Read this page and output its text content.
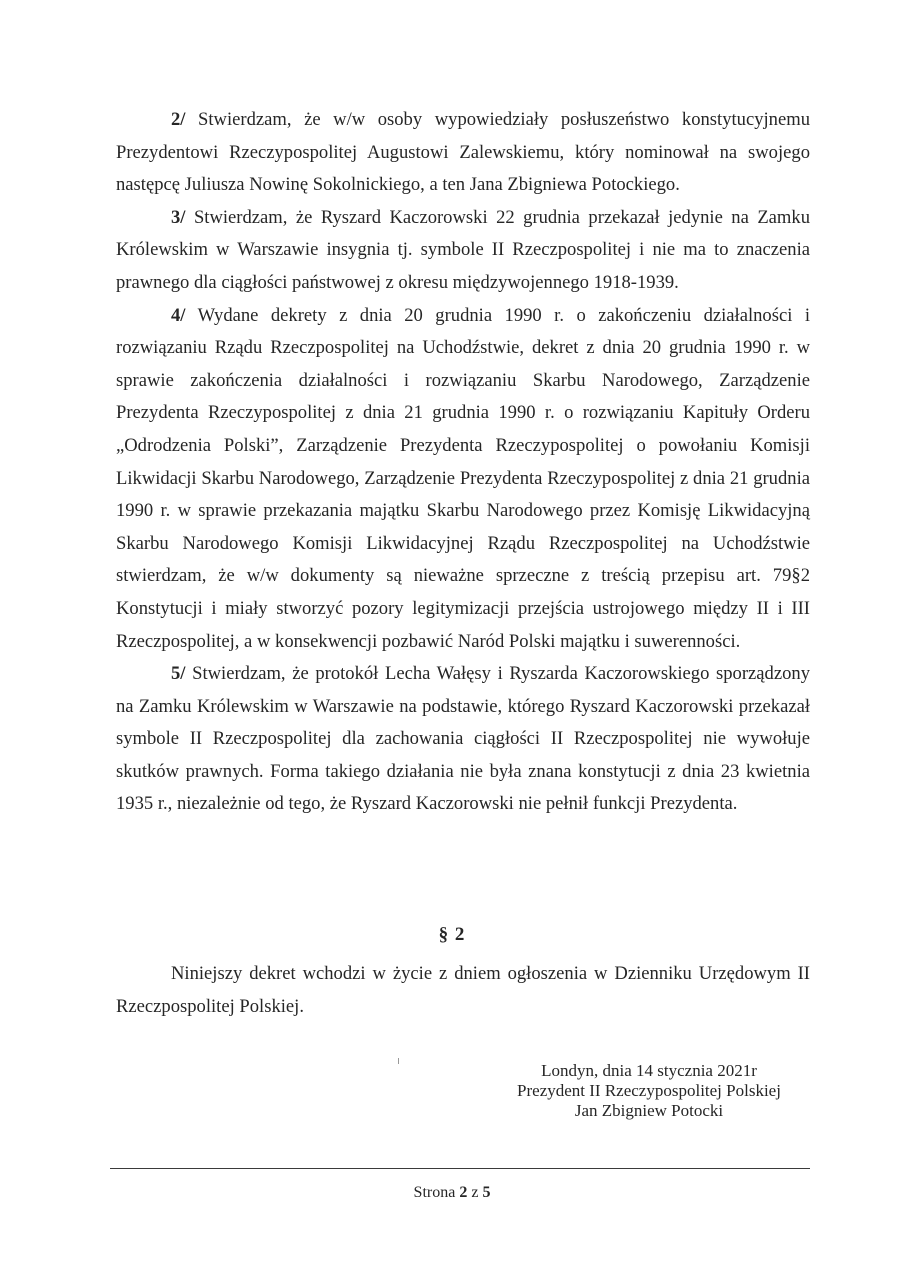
2/ Stwierdzam, że w/w osoby wypowiedziały posłuszeństwo konstytucyjnemu Prezydentowi Rzeczypospolitej Augustowi Zalewskiemu, który nominował na swojego następcę Juliusza Nowinę Sokolnickiego, a ten Jana Zbigniewa Potockiego.

3/ Stwierdzam, że Ryszard Kaczorowski 22 grudnia przekazał jedynie na Zamku Królewskim w Warszawie insygnia tj. symbole II Rzeczpospolitej i nie ma to znaczenia prawnego dla ciągłości państwowej z okresu międzywojennego 1918-1939.

4/ Wydane dekrety z dnia 20 grudnia 1990 r. o zakończeniu działalności i rozwiązaniu Rządu Rzeczpospolitej na Uchodźstwie, dekret z dnia 20 grudnia 1990 r. w sprawie zakończenia działalności i rozwiązaniu Skarbu Narodowego, Zarządzenie Prezydenta Rzeczypospolitej z dnia 21 grudnia 1990 r. o rozwiązaniu Kapituły Orderu „Odrodzenia Polski”, Zarządzenie Prezydenta Rzeczypospolitej o powołaniu Komisji Likwidacji Skarbu Narodowego, Zarządzenie Prezydenta Rzeczypospolitej z dnia 21 grudnia 1990 r. w sprawie przekazania majątku Skarbu Narodowego przez Komisję Likwidacyjną Skarbu Narodowego Komisji Likwidacyjnej Rządu Rzeczpospolitej na Uchodźstwie stwierdzam, że w/w dokumenty są nieważne sprzeczne z treścią przepisu art. 79§2 Konstytucji i miały stworzyć pozory legitymizacji przejścia ustrojowego między II i III Rzeczpospolitej, a w konsekwencji pozbawić Naród Polski majątku i suwerenności.

5/ Stwierdzam, że protokół Lecha Wałęsy i Ryszarda Kaczorowskiego sporządzony na Zamku Królewskim w Warszawie na podstawie, którego Ryszard Kaczorowski przekazał symbole II Rzeczpospolitej dla zachowania ciągłości II Rzeczpospolitej nie wywołuje skutków prawnych. Forma takiego działania nie była znana konstytucji z dnia 23 kwietnia 1935 r., niezależnie od tego, że Ryszard Kaczorowski nie pełnił funkcji Prezydenta.

§ 2

Niniejszy dekret wchodzi w życie z dniem ogłoszenia w Dzienniku Urzędowym II Rzeczpospolitej Polskiej.

Londyn, dnia 14 stycznia 2021r
Prezydent II Rzeczypospolitej Polskiej
Jan Zbigniew Potocki
Strona 2 z 5
